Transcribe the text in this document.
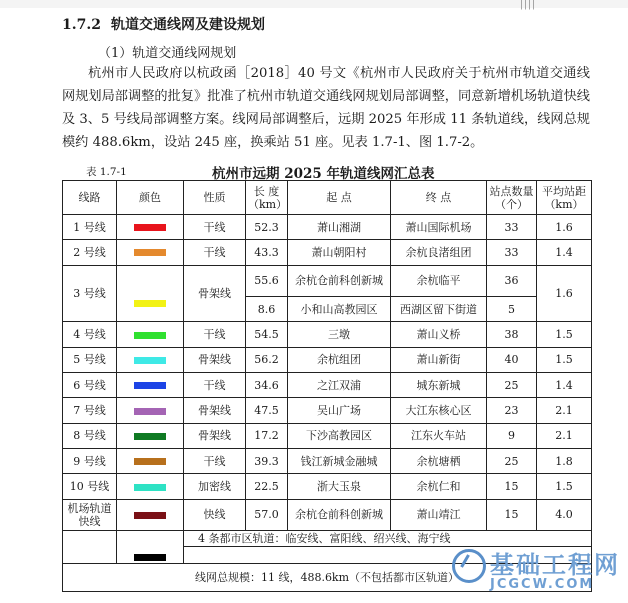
||||
1.7.2 轨道交通线网及建设规划
（1）轨道交通线网规划

杭州市人民政府以杭政函［2018］40 号文《杭州市人民政府关于杭州市轨道交通线网规划局部调整的批复》批准了杭州市轨道交通线网规划局部调整，同意新增机场轨道快线及 3、5 号线局部调整方案。线网局部调整后，远期 2025 年形成 11 条轨道线，线网总规模约 488.6km，设站 245 座，换乘站 51 座。见表 1.7-1、图 1.7-2。

表 1.7-1	杭州市远期 2025 年轨道线网汇总表
线路	颜色	性质	长 度（km）	起 点	终 点	站点数量（个）	平均站距（km）
1 号线		干线	52.3	萧山湘湖	萧山国际机场	33	1.6
2 号线		干线	43.3	萧山朝阳村	余杭良渚组团	33	1.4
3 号线		骨架线	55.6	余杭仓前科创新城	余杭临平	36	1.6
			8.6	小和山高教园区	西湖区留下街道	5	
4 号线		干线	54.5	三墩	萧山义桥	38	1.5
5 号线		骨架线	56.2	余杭组团	萧山新街	40	1.5
6 号线		干线	34.6	之江双浦	城东新城	25	1.4
7 号线		骨架线	47.5	吴山广场	大江东核心区	23	2.1
8 号线		骨架线	17.2	下沙高教园区	江东火车站	9	2.1
9 号线		干线	39.3	钱江新城金融城	余杭塘栖	25	1.8
10 号线		加密线	22.5	浙大玉泉	余杭仁和	15	1.5
机场轨道快线		快线	57.0	余杭仓前科创新城	萧山靖江	15	4.0
		4 条都市区轨道：临安线、富阳线、绍兴线、海宁线					

线网总规模：11 线，488.6km（不包括都市区轨道）							基础工程网
JCGCW.COM
